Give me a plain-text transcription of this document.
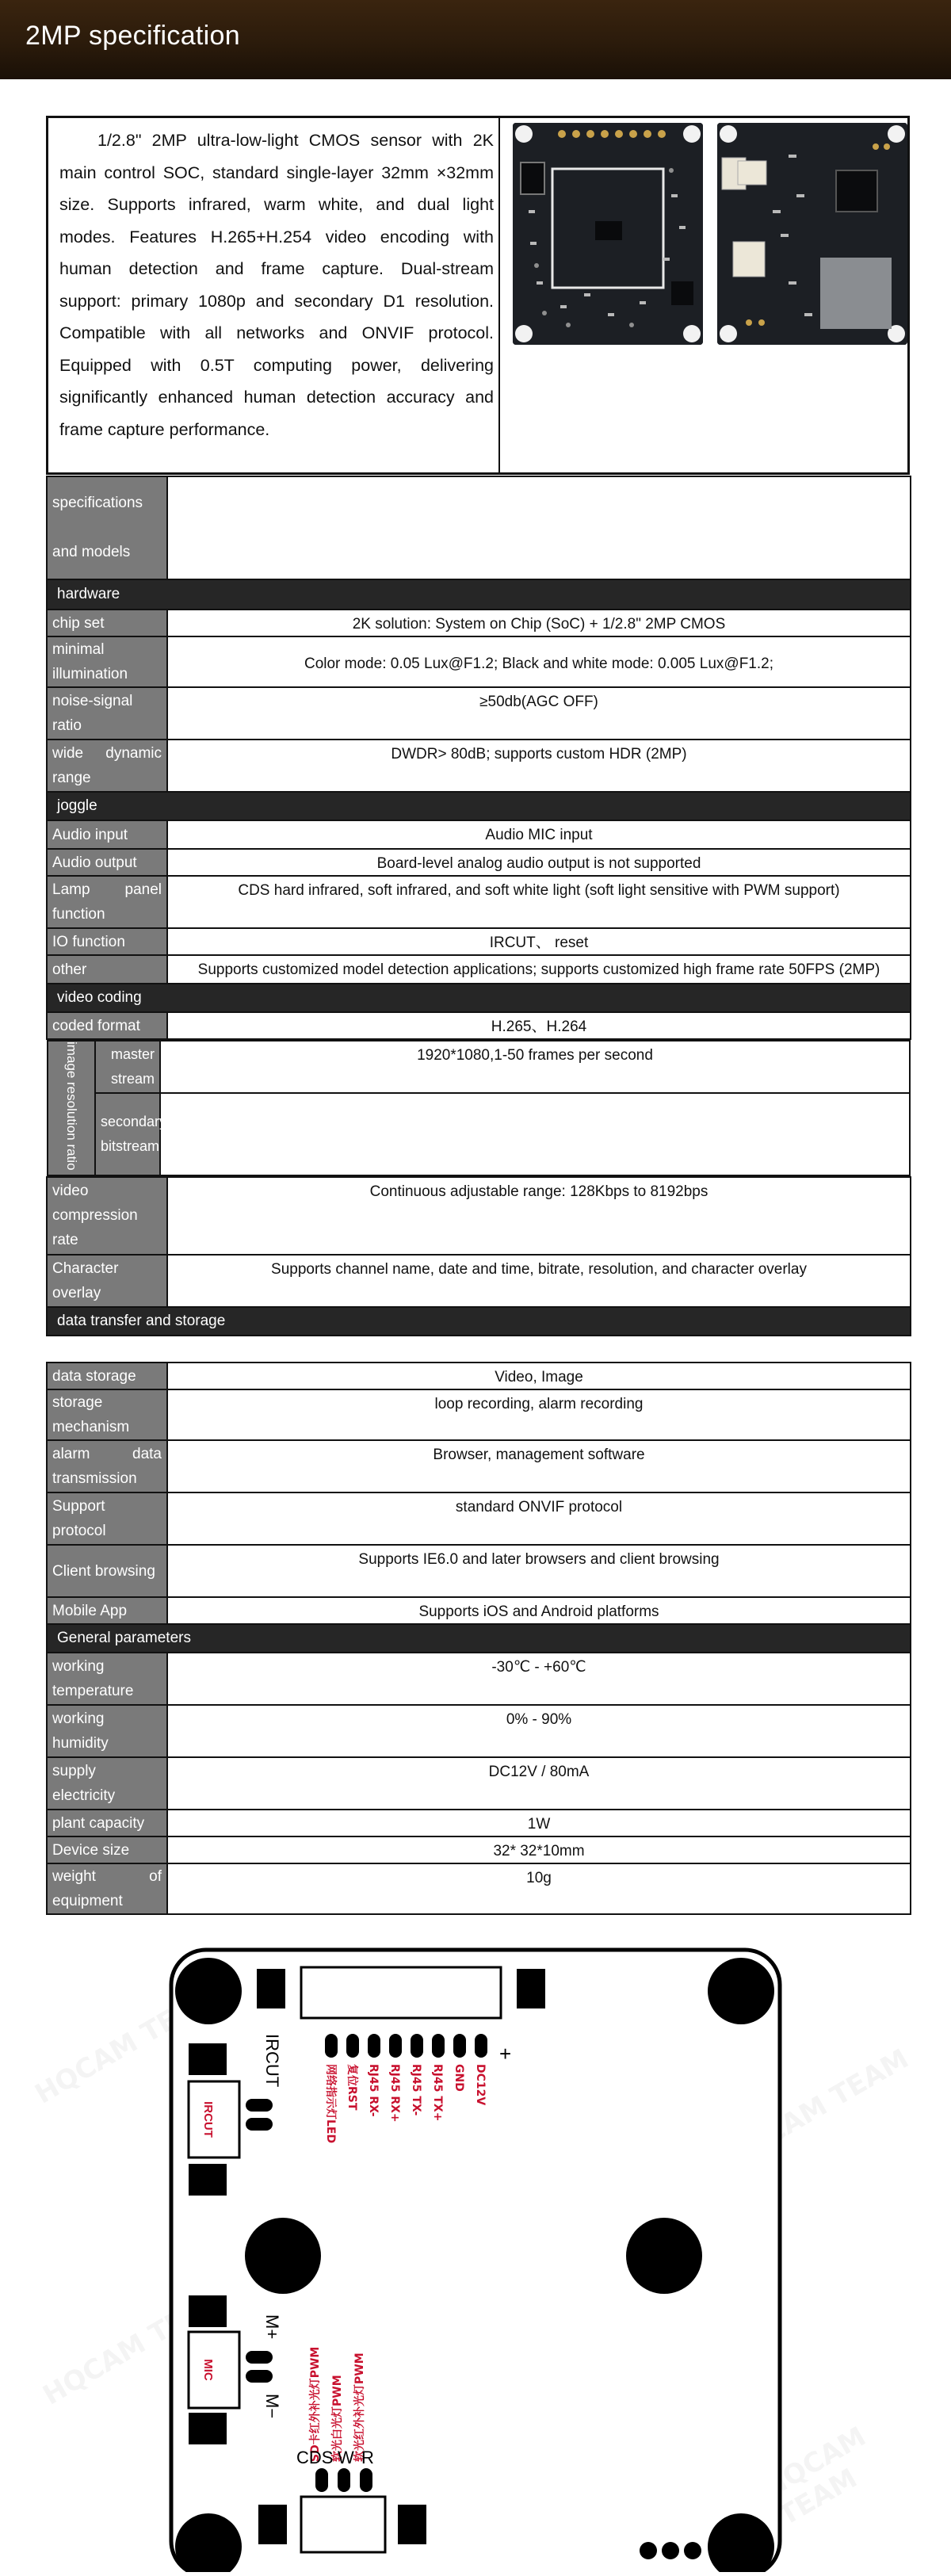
2MP specification
1/2.8" 2MP ultra-low-light CMOS sensor with 2K main control SOC, standard single-layer 32mm ×32mm size. Supports infrared, warm white, and dual light modes. Features H.265+H.254 video encoding with human detection and frame capture. Dual-stream support: primary 1080p and secondary D1 resolution. Compatible with all networks and ONVIF protocol. Equipped with 0.5T computing power, delivering significantly enhanced human detection accuracy and frame capture performance.
specifications and models	
hardware
chip set	2K solution: System on Chip (SoC) + 1/2.8" 2MP CMOS
minimal illumination	Color mode: 0.05 Lux@F1.2; Black and white mode: 0.005 Lux@F1.2;
noise-signal ratio	≥50db(AGC OFF)
wide dynamic range	DWDR> 80dB; supports custom HDR (2MP)
joggle
Audio input	Audio MIC input
Audio output	Board-level analog audio output is not supported
Lamp panel function	CDS hard infrared, soft infrared, and soft white light (soft light sensitive with PWM support)
IO function	IRCUT、 reset
other	Supports customized model detection applications; supports customized high frame rate 50FPS (2MP)
video coding
coded format	H.265、H.264

image resolution ratio	master stream	1920*1080,1-50 frames per second
secondary bitstream	

video compression rate	Continuous adjustable range: 128Kbps to 8192bps
Character overlay	Supports channel name, date and time, bitrate, resolution, and character overlay
data transfer and storage
data storage	Video, Image
storage mechanism	loop recording, alarm recording
alarm data transmission	Browser, management software
Support protocol	standard ONVIF protocol
Client browsing	Supports IE6.0 and later browsers and client browsing
Mobile App	Supports iOS and Android platforms
General parameters	
working temperature	-30℃ - +60℃
working humidity	0% - 90%
supply electricity	DC12V / 80mA
plant capacity	1W
Device size	32* 32*10mm
weight of equipment	10g
IRCUT
IRCUT
MIC
M+
M−
+
DC12V
GND
RJ45 TX+
RJ45 TX-
RJ45 RX+
RJ45 RX-
复位RST
网络指示灯LED
SD卡红外补光灯PWM 软光白光灯PWM 软光红外补光灯PWM
CDS W R
